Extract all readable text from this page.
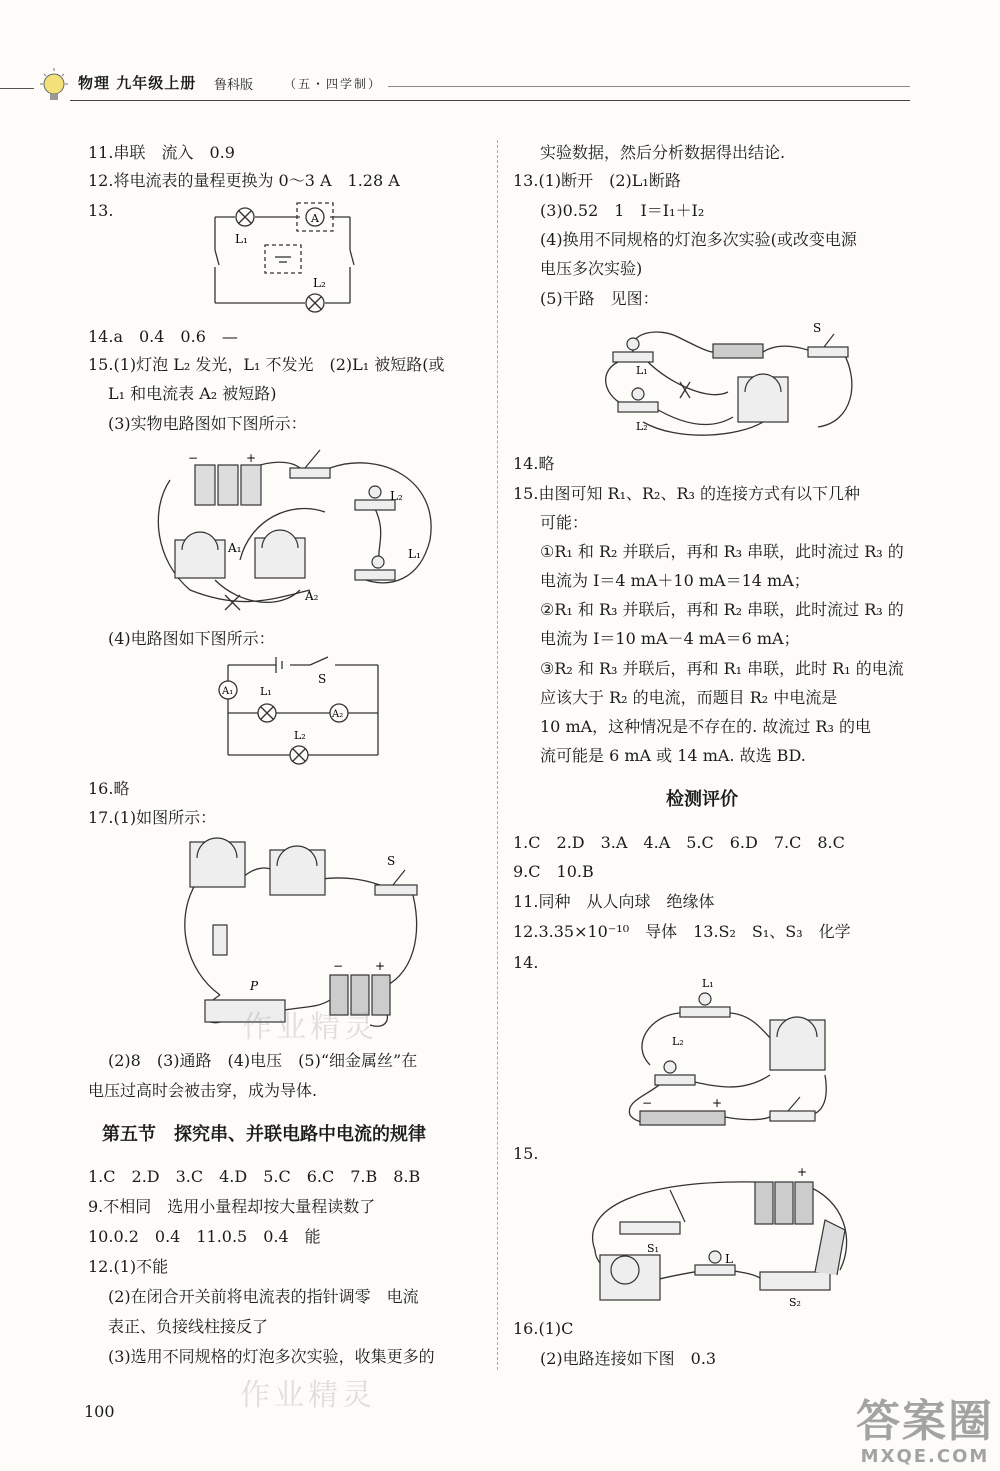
物理 九年级上册 鲁科版	（五・四学制）
11.串联　流入　0.9
12.将电流表的量程更换为 0～3 A　1.28 A
13.	A
L₁
L₂
14.a　0.4　0.6　—
15.(1)灯泡 L₂ 发光，L₁ 不发光　(2)L₁ 被短路(或
L₁ 和电流表 A₂ 被短路)
(3)实物电路图如下图所示：
A₁
A₂
L₂
L₁
−	+
(4)电路图如下图所示：
A₁
A₂
L₁
L₂
S
16.略
17.(1)如图所示：
S
P
−	+
(2)8　(3)通路　(4)电压　(5)“细金属丝”在
电压过高时会被击穿，成为导体.
第五节　探究串、并联电路中电流的规律
1.C　2.D　3.C　4.D　5.C　6.C　7.B　8.B
9.不相同　选用小量程却按大量程读数了
10.0.2　0.4　11.0.5　0.4　能
12.(1)不能
(2)在闭合开关前将电流表的指针调零　电流
表正、负接线柱接反了
(3)选用不同规格的灯泡多次实验，收集更多的
实验数据，然后分析数据得出结论.
13.(1)断开　(2)L₁断路
(3)0.52　1　I＝I₁＋I₂
(4)换用不同规格的灯泡多次实验(或改变电源
电压多次实验)
(5)干路　见图：
S
L₁
L₂
14.略
15.由图可知 R₁、R₂、R₃ 的连接方式有以下几种
可能：
①R₁ 和 R₂ 并联后，再和 R₃ 串联，此时流过 R₃ 的
电流为 I＝4 mA＋10 mA＝14 mA；
②R₁ 和 R₃ 并联后，再和 R₂ 串联，此时流过 R₃ 的
电流为 I＝10 mA－4 mA＝6 mA；
③R₂ 和 R₃ 并联后，再和 R₁ 串联，此时 R₁ 的电流
应该大于 R₂ 的电流，而题目 R₂ 中电流是
10 mA，这种情况是不存在的. 故流过 R₃ 的电
流可能是 6 mA 或 14 mA. 故选 BD.
检测评价
1.C　2.D　3.A　4.A　5.C　6.D　7.C　8.C
9.C　10.B
11.同种　从人向球　绝缘体
12.3.35×10⁻¹⁰　导体　13.S₂　S₁、S₃　化学
14.
L₁
L₂
−	+
15.
S₁
L
S₂
+
16.(1)C
(2)电路连接如下图　0.3
100	作业精灵
作业精灵
答案圈
MXQE.COM
